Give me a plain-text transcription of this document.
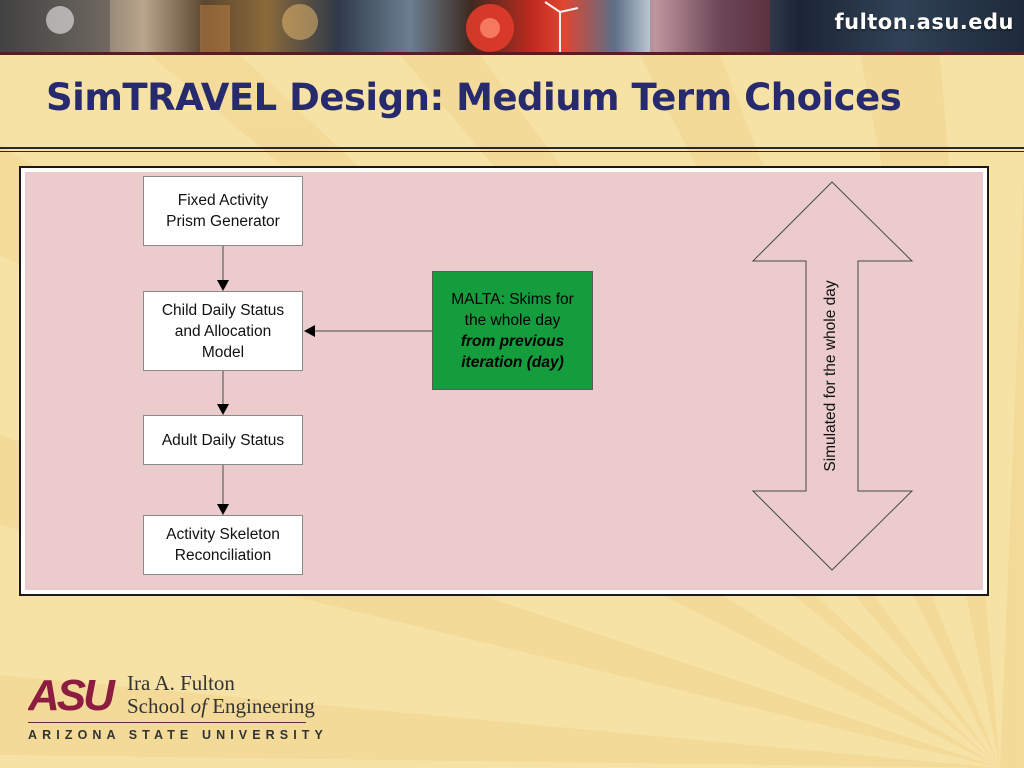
fulton.asu.edu
SimTRAVEL Design: Medium Term Choices
Fixed Activity
Prism Generator
Child Daily Status
and Allocation
Model
Adult Daily Status
Activity Skeleton
Reconciliation
MALTA: Skims for
the whole day
from previous
iteration (day)	Simulated for the whole day
ASU Ira A. Fulton
School of Engineering
ARIZONA STATE UNIVERSITY
